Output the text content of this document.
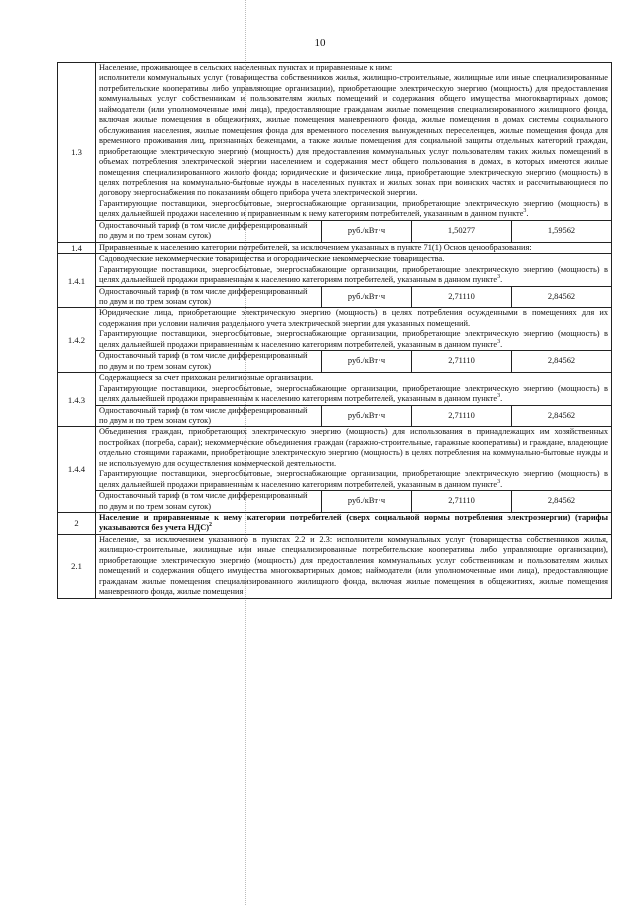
10
1.3	Население, проживающее в сельских населенных пунктах и приравненные к ним:

исполнители коммунальных услуг (товарищества собственников жилья, жилищно-строительные, жилищные или иные специализированные потребительские кооперативы либо управляющие организации), приобретающие электрическую энергию (мощность) для предоставления коммунальных услуг собственникам и пользователям жилых помещений и содержания общего имущества многоквартирных домов; наймодатели (или уполномоченные ими лица), предоставляющие гражданам жилые помещения специализированного жилищного фонда, включая жилые помещения в общежитиях, жилые помещения маневренного фонда, жилые помещения в домах системы социального обслуживания населения, жилые помещения фонда для временного поселения вынужденных переселенцев, жилые помещения фонда для временного проживания лиц, признанных беженцами, а также жилые помещения для социальной защиты отдельных категорий граждан, приобретающие электрическую энергию (мощность) для предоставления коммунальных услуг пользователям таких жилых помещений в объемах потребления электрической энергии населением и содержания мест общего пользования в домах, в которых имеются жилые помещения специализированного жилого фонда; юридические и физические лица, приобретающие электрическую энергию (мощность) в целях потребления на коммунально-бытовые нужды в населенных пунктах и жилых зонах при воинских частях и рассчитывающиеся по договору энергоснабжения по показаниям общего прибора учета электрической энергии.

Гарантирующие поставщики, энергосбытовые, энергоснабжающие организации, приобретающие электрическую энергию (мощность) в целях дальнейшей продажи населению и приравненным к нему категориям потребителей, указанным в данном пункте$^3$.			

	Одноставочный тариф (в том числе дифференцированный по двум и по трем зонам суток)	руб./кВт·ч	1,50277	1,59562
1.4	Приравненные к населению категории потребителей, за исключением указанных в пункте 71(1) Основ ценообразования:			

1.4.1	Садоводческие некоммерческие товарищества и огороднические некоммерческие товарищества.

Гарантирующие поставщики, энергосбытовые, энергоснабжающие организации, приобретающие электрическую энергию (мощность) в целях дальнейшей продажи приравненным к населению категориям потребителей, указанным в данном пункте$^3$.			

	Одноставочный тариф (в том числе дифференцированный по двум и по трем зонам суток)	руб./кВт·ч	2,71110	2,84562
1.4.2	Юридические лица, приобретающие электрическую энергию (мощность) в целях потребления осужденными в помещениях для их содержания при условии наличия раздельного учета электрической энергии для указанных помещений.

Гарантирующие поставщики, энергосбытовые, энергоснабжающие организации, приобретающие электрическую энергию (мощность) в целях дальнейшей продажи приравненным к населению категориям потребителей, указанным в данном пункте$^3$.			

	Одноставочный тариф (в том числе дифференцированный по двум и по трем зонам суток)	руб./кВт·ч	2,71110	2,84562
1.4.3	Содержащиеся за счет прихожан религиозные организации.

Гарантирующие поставщики, энергосбытовые, энергоснабжающие организации, приобретающие электрическую энергию (мощность) в целях дальнейшей продажи приравненным к населению категориям потребителей, указанным в данном пункте$^3$.			

	Одноставочный тариф (в том числе дифференцированный по двум и по трем зонам суток)	руб./кВт·ч	2,71110	2,84562
1.4.4	Объединения граждан, приобретающих электрическую энергию (мощность) для использования в принадлежащих им хозяйственных постройках (погреба, сараи); некоммерческие объединения граждан (гаражно-строительные, гаражные кооперативы) и граждане, владеющие отдельно стоящими гаражами, приобретающие электрическую энергию (мощность) в целях потребления на коммунально-бытовые нужды и не используемую для осуществления коммерческой деятельности.

Гарантирующие поставщики, энергосбытовые, энергоснабжающие организации, приобретающие электрическую энергию (мощность) в целях дальнейшей продажи приравненным к населению категориям потребителей, указанным в данном пункте$^3$.			

	Одноставочный тариф (в том числе дифференцированный по двум и по трем зонам суток)	руб./кВт·ч	2,71110	2,84562
2	Население и приравненные к нему категории потребителей (сверх социальной нормы потребления электроэнергии) (тарифы указываются без учета НДС)$^2$
2.1	Население, за исключением указанного в пунктах 2.2 и 2.3: исполнители коммунальных услуг (товарищества собственников жилья, жилищно-строительные, жилищные или иные специализированные потребительские кооперативы либо управляющие организации), приобретающие электрическую энергию (мощность) для предоставления коммунальных услуг собственникам и пользователям жилых помещений и содержания общего имущества многоквартирных домов; наймодатели (или уполномоченные ими лица), предоставляющие гражданам жилые помещения специализированного жилищного фонда, включая жилые помещения в общежитиях, жилые помещения маневренного фонда, жилые помещения			
